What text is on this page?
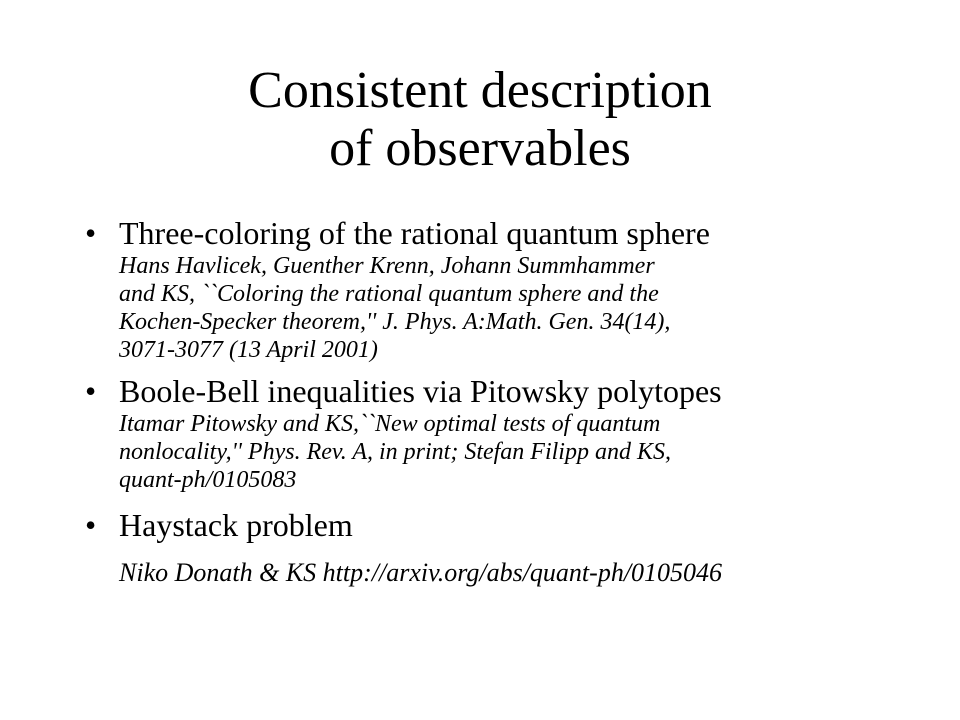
Consistent description
of observables
• Three-coloring of the rational quantum sphere
Hans Havlicek, Guenther Krenn, Johann Summhammer
and KS, ``Coloring the rational quantum sphere and the
Kochen-Specker theorem,'' J. Phys. A:Math. Gen. 34(14),
3071-3077 (13 April 2001)
• Boole-Bell inequalities via Pitowsky polytopes
Itamar Pitowsky and KS,``New optimal tests of quantum
nonlocality,'' Phys. Rev. A, in print; Stefan Filipp and KS,
quant-ph/0105083
• Haystack problem
Niko Donath & KS http://arxiv.org/abs/quant-ph/0105046
